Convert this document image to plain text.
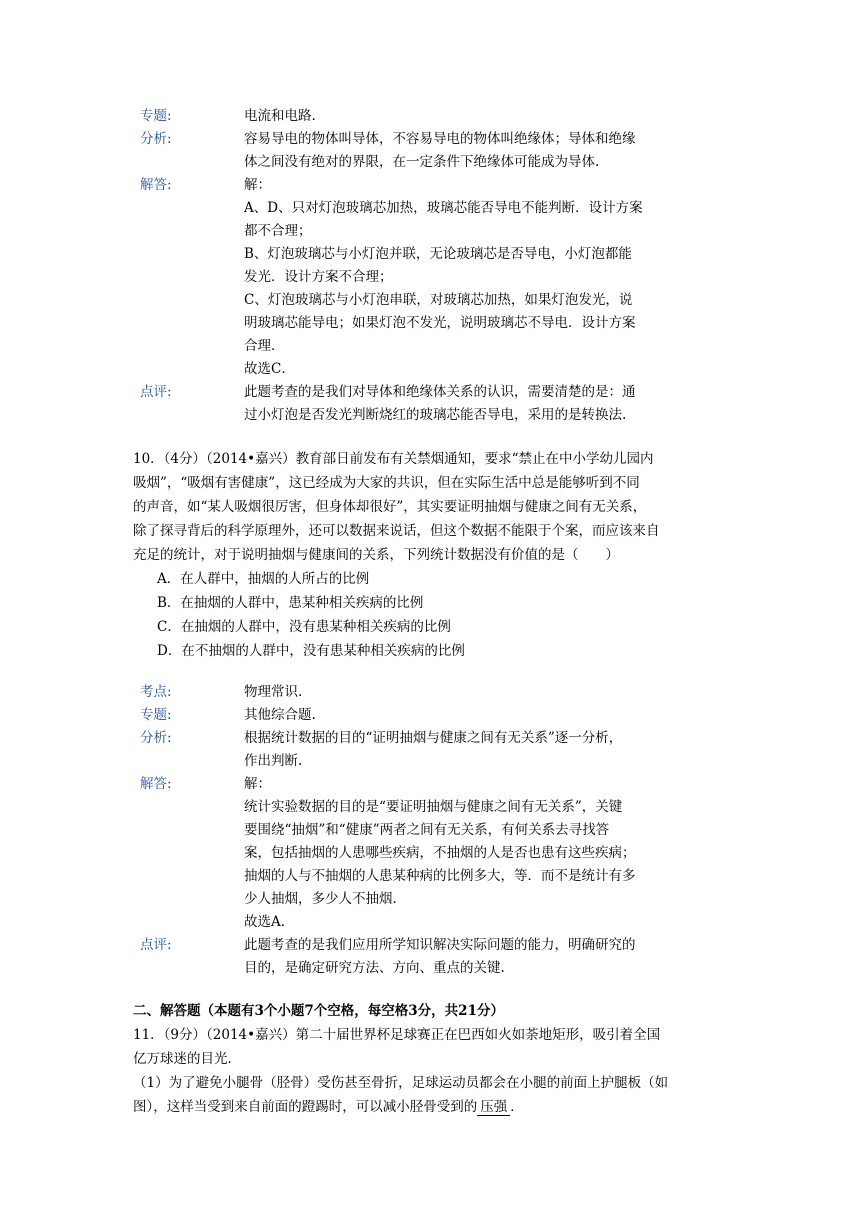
专题:	电流和电路.
分析:	容易导电的物体叫导体，不容易导电的物体叫绝缘体；导体和绝缘
体之间没有绝对的界限，在一定条件下绝缘体可能成为导体.
解答:	解：
A、D、只对灯泡玻璃芯加热，玻璃芯能否导电不能判断．设计方案
都不合理；
B、灯泡玻璃芯与小灯泡并联，无论玻璃芯是否导电，小灯泡都能
发光．设计方案不合理；
C、灯泡玻璃芯与小灯泡串联，对玻璃芯加热，如果灯泡发光，说
明玻璃芯能导电；如果灯泡不发光，说明玻璃芯不导电．设计方案
合理．
故选C．
点评:	此题考查的是我们对导体和绝缘体关系的认识，需要清楚的是：通
过小灯泡是否发光判断烧红的玻璃芯能否导电，采用的是转换法.
10．（4分）（2014•嘉兴）教育部日前发布有关禁烟通知，要求“禁止在中小学幼儿园内
吸烟”，“吸烟有害健康”，这已经成为大家的共识，但在实际生活中总是能够听到不同
的声音，如“某人吸烟很厉害，但身体却很好”，其实要证明抽烟与健康之间有无关系，
除了探寻背后的科学原理外，还可以数据来说话，但这个数据不能限于个案，而应该来自
充足的统计，对于说明抽烟与健康间的关系，下列统计数据没有价值的是（　　）
A．在人群中，抽烟的人所占的比例
B．在抽烟的人群中，患某种相关疾病的比例
C．在抽烟的人群中，没有患某种相关疾病的比例
D．在不抽烟的人群中，没有患某种相关疾病的比例
考点:	物理常识.
专题:	其他综合题.
分析:	根据统计数据的目的“证明抽烟与健康之间有无关系”逐一分析，
作出判断.
解答:	解：
统计实验数据的目的是“要证明抽烟与健康之间有无关系”，关键
要围绕“抽烟”和“健康”两者之间有无关系，有何关系去寻找答
案，包括抽烟的人患哪些疾病，不抽烟的人是否也患有这些疾病；
抽烟的人与不抽烟的人患某种病的比例多大，等．而不是统计有多
少人抽烟，多少人不抽烟.
故选A．
点评:	此题考查的是我们应用所学知识解决实际问题的能力，明确研究的
目的，是确定研究方法、方向、重点的关键.
二、解答题（本题有3个小题7个空格，每空格3分，共21分）
11．（9分）（2014•嘉兴）第二十届世界杯足球赛正在巴西如火如荼地矩形，吸引着全国
亿万球迷的目光．
（1）为了避免小腿骨（胫骨）受伤甚至骨折，足球运动员都会在小腿的前面上护腿板（如
图），这样当受到来自前面的蹬踢时，可以减小胫骨受到的 压强 ．
